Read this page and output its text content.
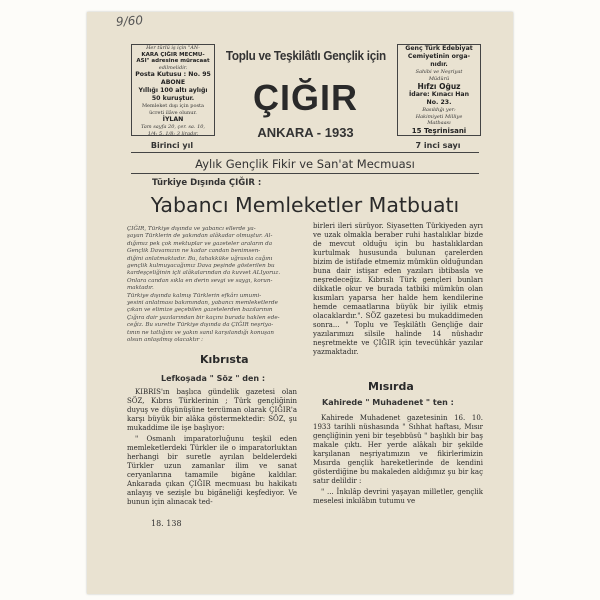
9/60
Her türlü iş için "AN-
KARA ÇIĞIR MECMU-
ASI" adresine müracaat
edilmelidir.
Posta Kutusu : No. 95
ABONE
Yıllığı 100 altı aylığı
50 kuruştur.
Memleket dışı için posta
ücreti ilâve olunur.
İYLAN
Tam sayfa 20, çer. sa. 10,
1/4: 5, 1/8: 3 liradır.
Genç Türk Edebiyat
Cemiyetinin orga-
nıdır.
Sahibi ve Neşriyat
Müdürü
Hıfzı Oğuz
İdare: Kınacı Han
No. 23.
Basıldığı yer:
Hakimiyeti Milliye
Matbaası
15 Teşrinisani
Toplu ve Teşkilâtlı Gençlik için
ÇIĞIR
ANKARA - 1933
Birinci yıl	7 inci sayı
Aylık Gençlik Fikir ve San'at Mecmuası
Türkiye Dışında ÇIĞIR :
Yabancı Memleketler Matbuatı
ÇIĞIR, Türkiye dışında ve yabancı ellerde ya-
şayan Türklerin de yakından alâkadar olmuştur. Al-
dığımız pek çok mektuplar ve gazeteler araların da
Gençlik Davamızın ne kadar candan benimsen-
diğini anlatmaktadır. Bu, tahakküke uğrasıla cağını
gençlik kulmuyacağımız Dava peşinde gösterilen bu
kardeşçeliğinin içli alâkalarından da kuvvet ALIyoruz.
Onlara candan sıkla en derin sevgi ve saygı, korun-
maktadır.
Türkiye dışında kalmış Türklerin efkârı umumi-
yesini anlatması bakımından, yabancı memleketlerde
çıkan ve elimize geçebilen gazetelerden bazılarının
Çığıra dair yazılarından bir kaçını burada haklen ede-
ceğiz. Bu surette Türkiye dışında da ÇIĞIR neşriya-
tının ne tatlığını ve yakın sanıl karşılandığı konuşan
olsun anlaşılmış olacaktır :
Kıbrısta
Lefkoşada " Söz " den :

KIBRIS'ın başlıca gündelik gazetesi olan SÖZ, Kıbrıs Türklerinin ; Türk gençliğinin duyuş ve düşünüşüne tercüman olarak ÇIĞIR'a karşı büyük bir alâka göstermektedir: SÖZ, şu mukaddime ile işe başlıyor:

" Osmanlı imparatorluğunu teşkil eden memleketlerdeki Türkler ile o imparatorluktan herhangi bir suretle ayrılan beldelerdeki Türkler uzun zamanlar ilim ve sanat ceryanlarına tamamile bigâne kaldılar. Ankarada çıkan ÇIĞIR mecmuası bu hakikatı anlayış ve sezişle bu bigâneliği keşfediyor. Ve bunun için alınacak ted-

birleri ileri sürüyor. Siyasetten Türkiyeden ayrı ve uzak olmakla beraber ruhi hastalıklar bizde de mevcut olduğu için bu hastalıklardan kurtulmak hususunda bulunan çarelerden bizim de istifade etmemiz mümkün olduğundan buna dair istişar eden yazıları ibtibasla ve neşredeceğiz. Kıbrıslı Türk gençleri bunları dikkatle okur ve burada tatbiki mümkün olan kısımları yaparsa her halde hem kendilerine hemde cemaatlarına büyük bir iyilik etmiş olacaklardır.". SÖZ gazetesi bu mukaddimeden sonra... " Toplu ve Teşkilâtlı Gençliğe dair yazılarımızı silsile halinde 14 nüshadır neşretmekte ve ÇIĞIR için tevecühkâr yazılar yazmaktadır.

Mısırda
Kahirede " Muhadenet " ten :

Kahirede Muhadenet gazetesinin 16. 10. 1933 tarihli nüshasında " Sıhhat haftası, Mısır gençliğinin yeni bir teşebbüsü " başlıklı bir baş makale çıktı. Her yerde alâkalı bir şekilde karşılanan neşriyatımızın ve fikirlerimizin Mısırda gençlik hareketlerinde de kendini gösterdiğine bu makaleden aldığımız şu bir kaç satır delildir :

" ... İnkılâp devrini yaşayan milletler, gençlik meselesi inkılâbın tutumu ve

18. 138
